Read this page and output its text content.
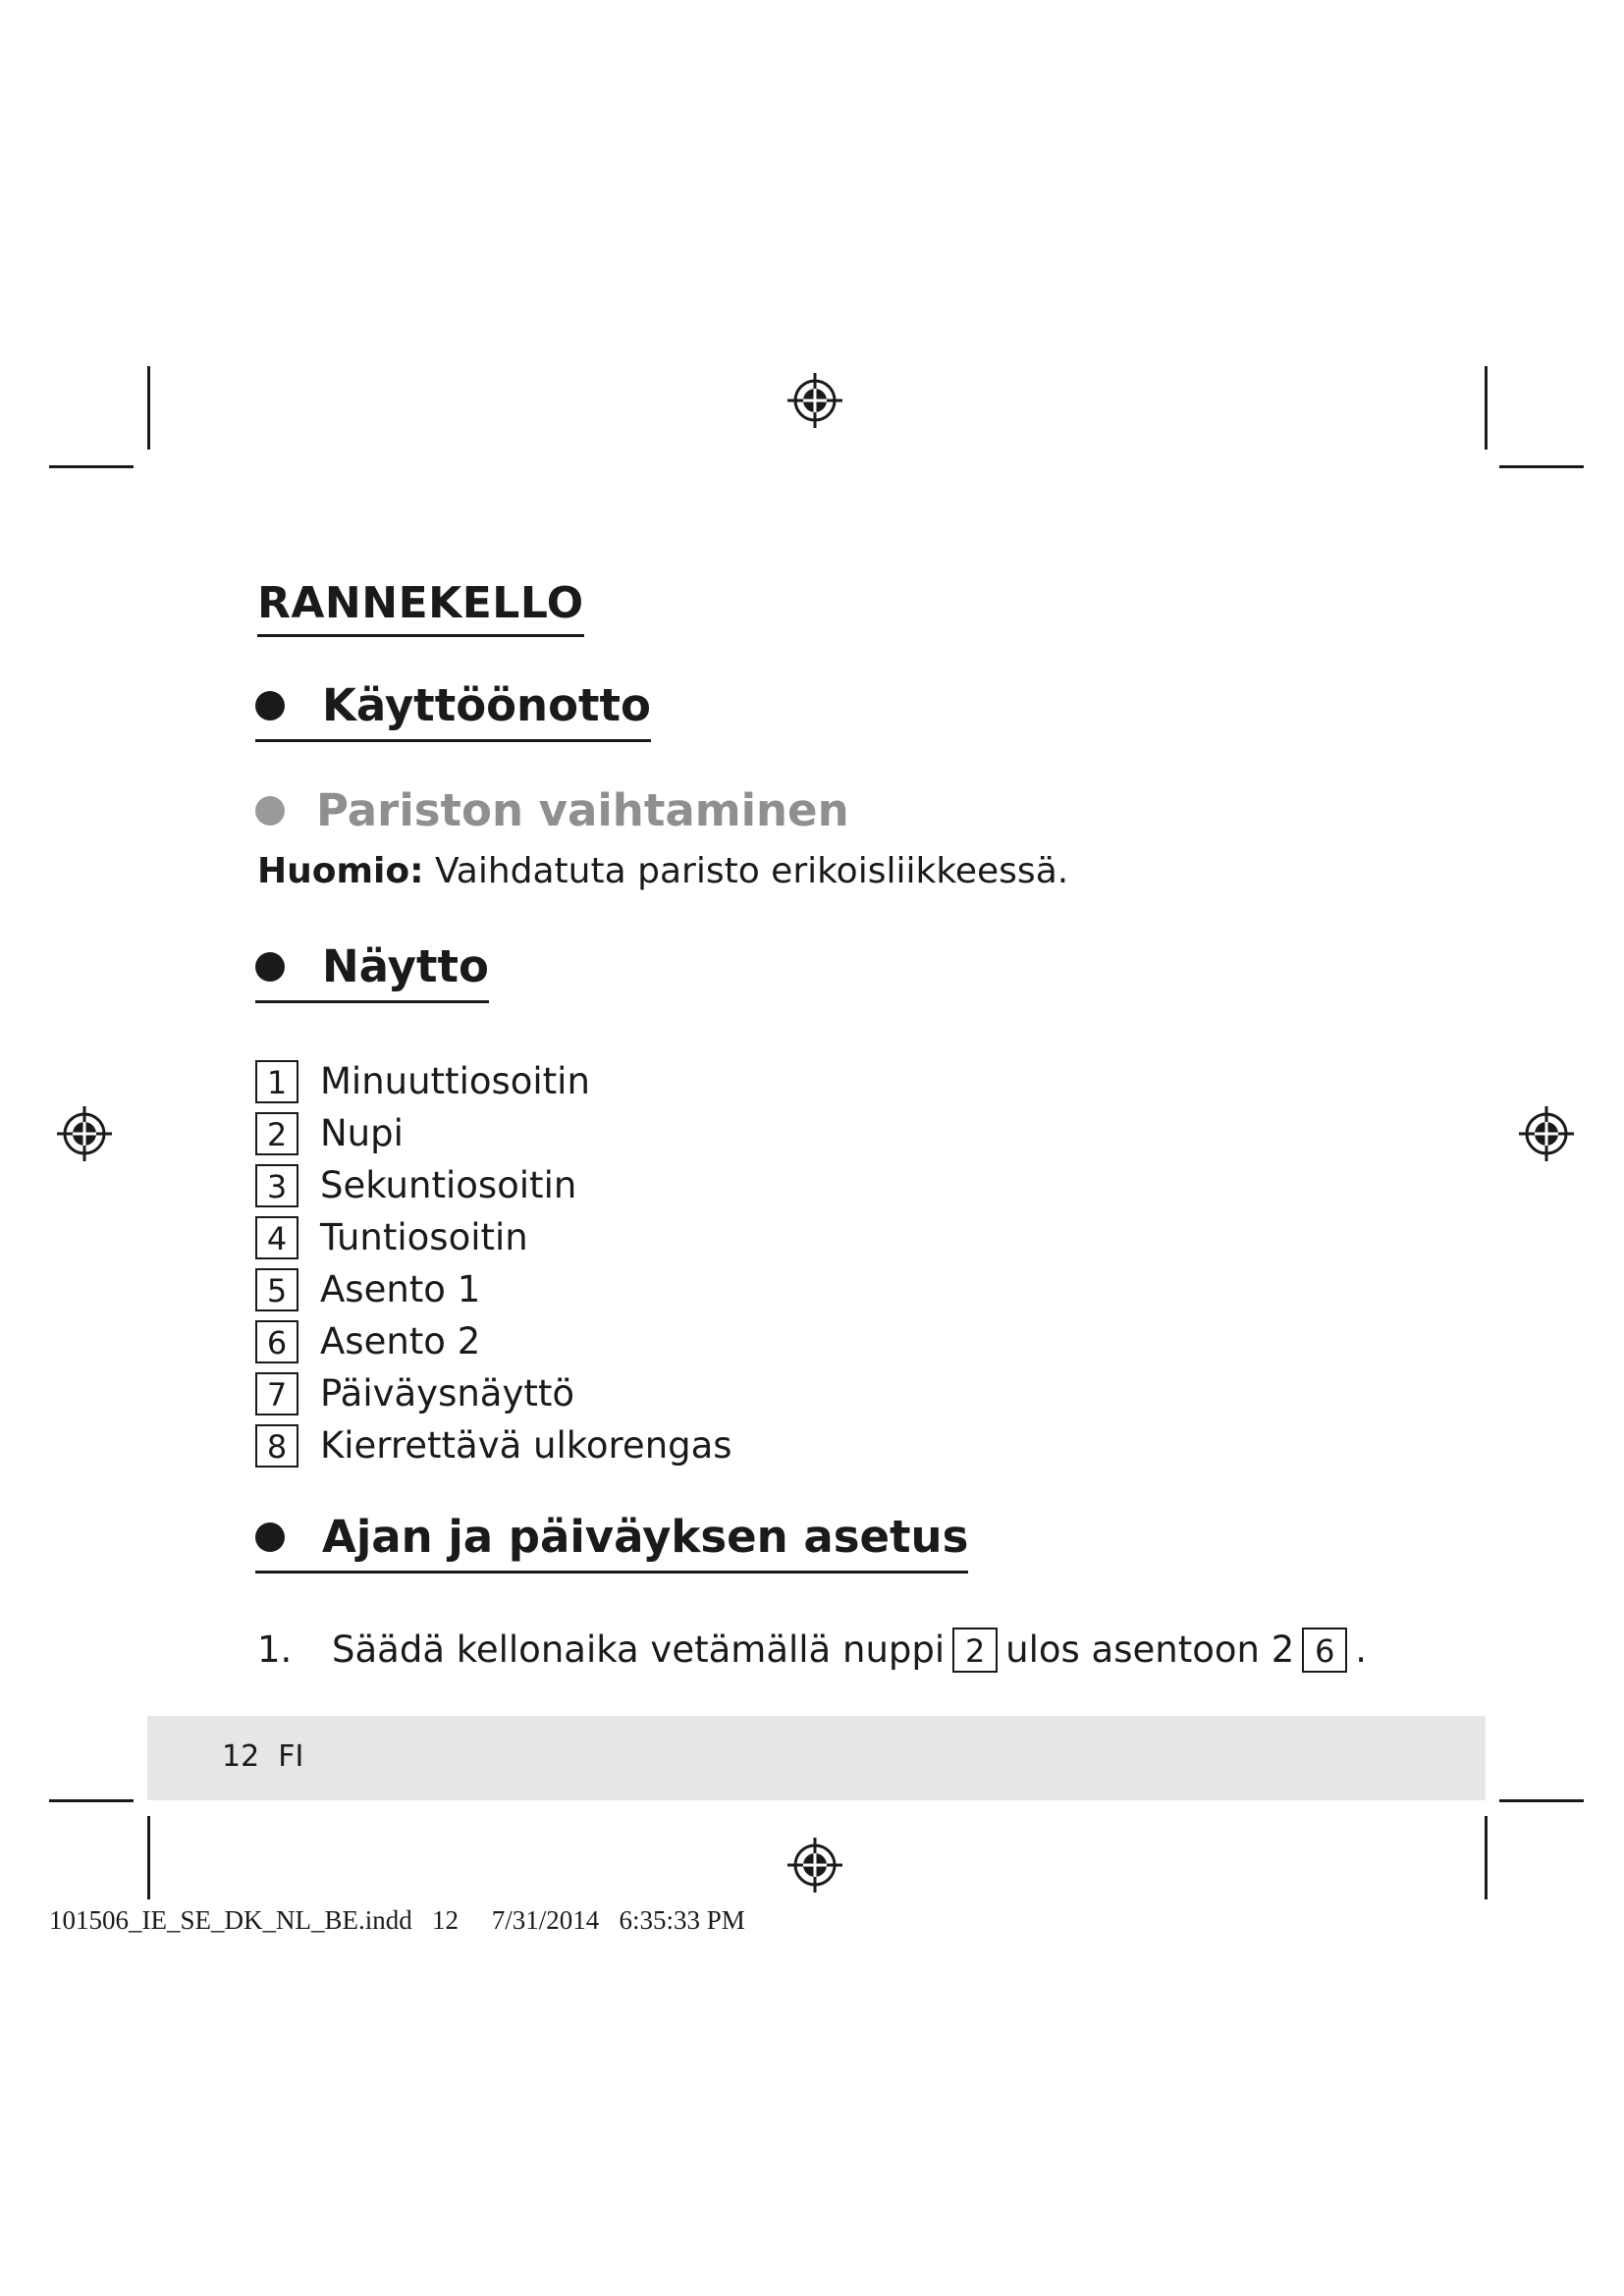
RANNEKELLO
Käyttöönotto
Pariston vaihtaminen
Huomio: Vaihdatuta paristo erikoisliikkeessä.
Näytto
1 Minuuttiosoitin
2 Nupi
3 Sekuntiosoitin
4 Tuntiosoitin
5 Asento 1
6 Asento 2
7 Päiväysnäyttö
8 Kierrettävä ulkorengas
Ajan ja päiväyksen asetus
1.	Säädä kellonaika vetämällä nuppi 2 ulos asentoon 2 6 .
12 FI
101506_IE_SE_DK_NL_BE.indd   12     7/31/2014   6:35:33 PM
